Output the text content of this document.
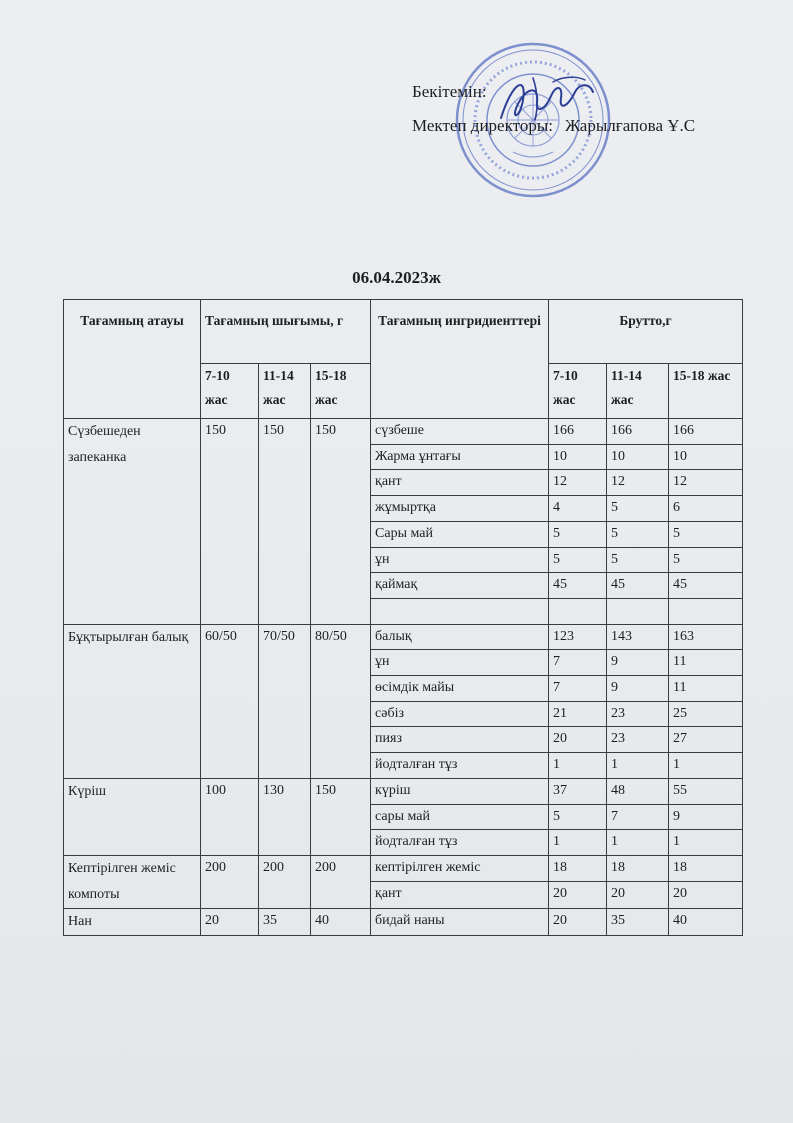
Бекітемін:
Мектеп директоры: Жарылғапова Ұ.С
06.04.2023ж
Тағамның атауы	Тағамның шығымы, г			Тағамның ингридиенттері	Брутто,г		
	7-10 жас	11-14 жас	15-18 жас		7-10 жас	11-14 жас	15-18 жас
Сүзбешеден запеканка	150	150	150	сүзбеше	166	166	166
				Жарма ұнтағы	10	10	10
				қант	12	12	12
				жұмыртқа	4	5	6
				Сары май	5	5	5
				ұн	5	5	5
				қаймақ	45	45	45

Бұқтырылған балық	60/50	70/50	80/50	балық	123	143	163
				ұн	7	9	11
				өсімдік майы	7	9	11
				сәбіз	21	23	25
				пияз	20	23	27
				йодталған тұз	1	1	1
Күріш	100	130	150	күріш	37	48	55
				сары май	5	7	9
				йодталған тұз	1	1	1
Кептірілген жеміс компоты	200	200	200	кептірілген жеміс	18	18	18
				қант	20	20	20
Нан	20	35	40	бидай наны	20	35	40
